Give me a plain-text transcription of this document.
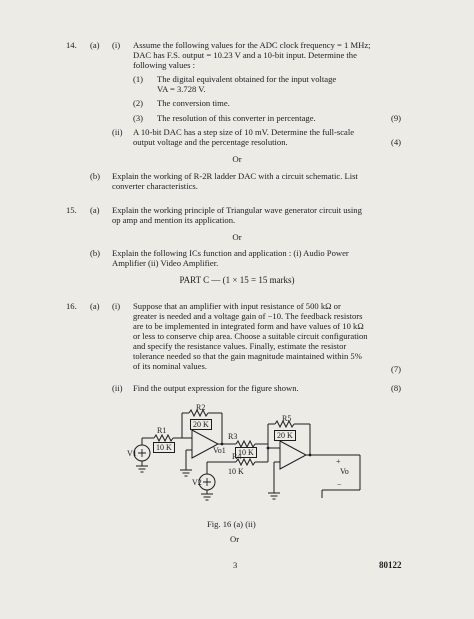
14. (a) (i) Assume the following values for the ADC clock frequency = 1 MHz;
DAC has F.S. output = 10.23 V and a 10-bit input. Determine the
following values :
(1) The digital equivalent obtained for the input voltage
VA = 3.728 V.
(2) The conversion time.
(3) The resolution of this converter in percentage.	(9)
(ii) A 10-bit DAC has a step size of 10 mV. Determine the full-scale
output voltage and the percentage resolution.	(4)
Or
(b) Explain the working of R-2R ladder DAC with a circuit schematic. List
converter characteristics.
15. (a) Explain the working principle of Triangular wave generator circuit using
op amp and mention its application.
Or
(b) Explain the following ICs function and application : (i) Audio Power
Amplifier (ii) Video Amplifier.
PART C — (1 × 15 = 15 marks)
16. (a) (i) Suppose that an amplifier with input resistance of 500 kΩ or
greater is needed and a voltage gain of −10. The feedback resistors
are to be implemented in integrated form and have values of 10 kΩ
or less to conserve chip area. Choose a suitable circuit configuration
and specify the resistance values. Finally, estimate the resistor
tolerance needed so that the gain magnitude maintained within 5%
of its nominal values.	(7)
(ii) Find the output expression for the figure shown.	(8)
R2
20 K
R1
10 K
V1
R3
Vo1	10 K
R4
10 K
V2
R5
20 K
+
Vo
−
Fig. 16 (a) (ii)
Or
3	80122
